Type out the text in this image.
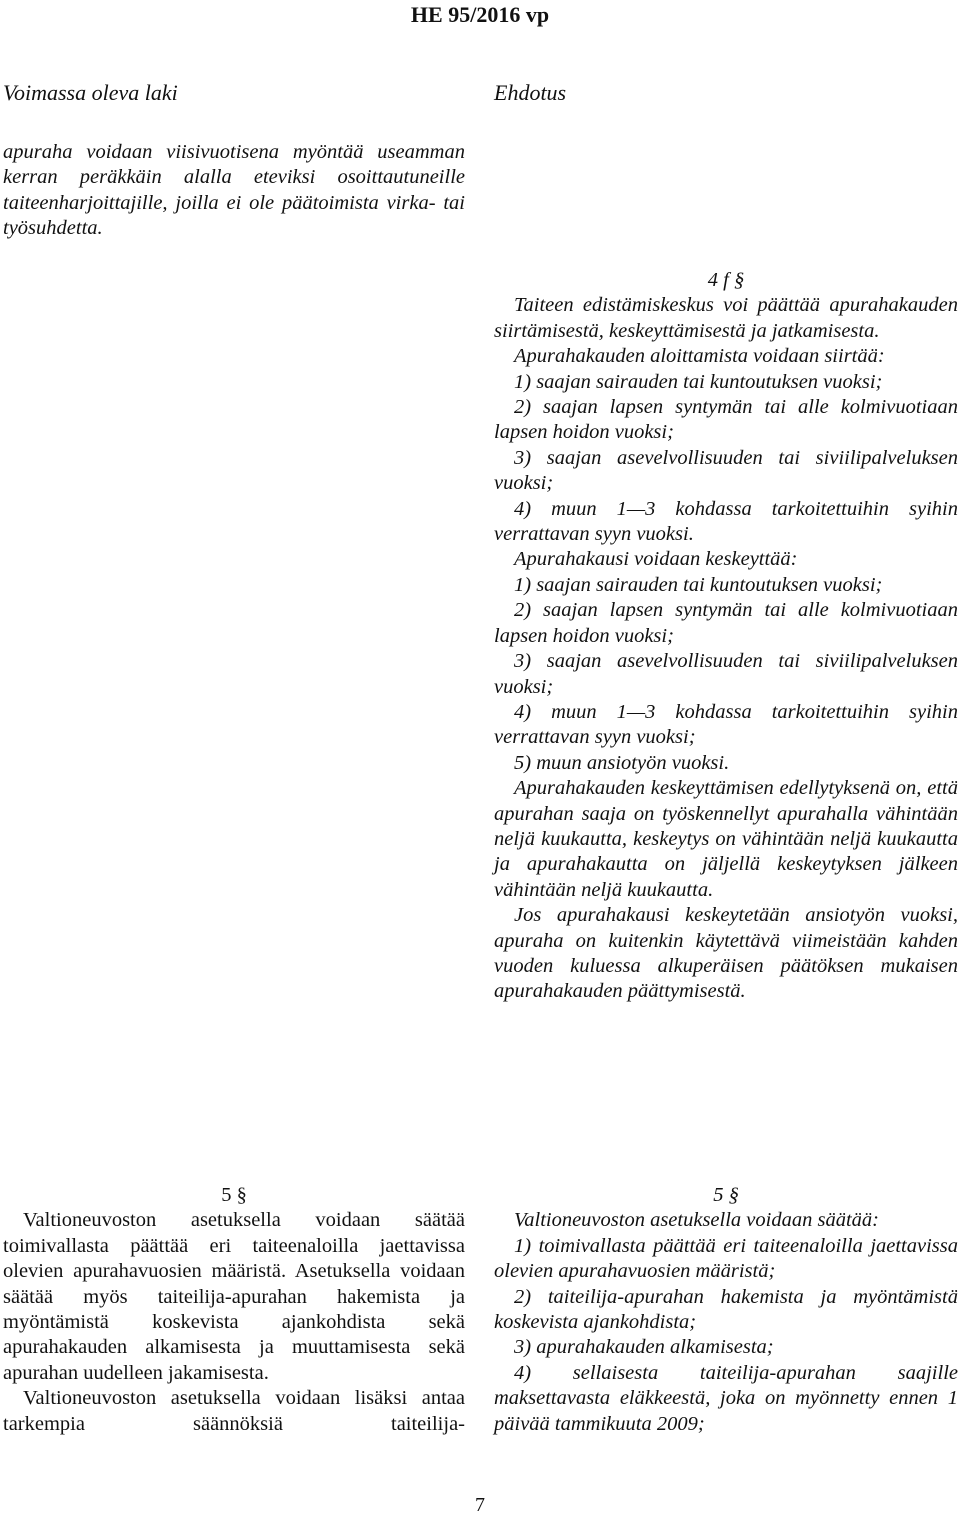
HE 95/2016 vp
Voimassa oleva laki	Ehdotus

apuraha voidaan viisivuotisena myöntää useamman kerran peräkkäin alalla eteviksi osoittautuneille taiteenharjoittajille, joilla ei ole päätoimista virka- tai työsuhdetta.

4 f §

Taiteen edistämiskeskus voi päättää apurahakauden siirtämisestä, keskeyttämisestä ja jatkamisesta.

Apurahakauden aloittamista voidaan siirtää:

1) saajan sairauden tai kuntoutuksen vuoksi;

2) saajan lapsen syntymän tai alle kolmivuotiaan lapsen hoidon vuoksi;

3) saajan asevelvollisuuden tai siviilipalveluksen vuoksi;

4) muun 1—3 kohdassa tarkoitettuihin syihin verrattavan syyn vuoksi.

Apurahakausi voidaan keskeyttää:

1) saajan sairauden tai kuntoutuksen vuoksi;

2) saajan lapsen syntymän tai alle kolmivuotiaan lapsen hoidon vuoksi;

3) saajan asevelvollisuuden tai siviilipalveluksen vuoksi;

4) muun 1—3 kohdassa tarkoitettuihin syihin verrattavan syyn vuoksi;

5) muun ansiotyön vuoksi.

Apurahakauden keskeyttämisen edellytyksenä on, että apurahan saaja on työskennellyt apurahalla vähintään neljä kuukautta, keskeytys on vähintään neljä kuukautta ja apurahakautta on jäljellä keskeytyksen jälkeen vähintään neljä kuukautta.

Jos apurahakausi keskeytetään ansiotyön vuoksi, apuraha on kuitenkin käytettävä viimeistään kahden vuoden kuluessa alkuperäisen päätöksen mukaisen apurahakauden päättymisestä.

5 §

Valtioneuvoston asetuksella voidaan säätää toimivallasta päättää eri taiteenaloilla jaettavissa olevien apurahavuosien määristä. Asetuksella voidaan säätää myös taiteilija-apurahan hakemista ja myöntämistä koskevista ajankohdista sekä apurahakauden alkamisesta ja muuttamisesta sekä apurahan uudelleen jakamisesta.

Valtioneuvoston asetuksella voidaan lisäksi antaa tarkempia säännöksiä taiteilija-

5 §

Valtioneuvoston asetuksella voidaan säätää:

1) toimivallasta päättää eri taiteenaloilla jaettavissa olevien apurahavuosien määristä;

2) taiteilija-apurahan hakemista ja myöntämistä koskevista ajankohdista;

3) apurahakauden alkamisesta;

4) sellaisesta taiteilija-apurahan saajille maksettavasta eläkkeestä, joka on myönnetty ennen 1 päivää tammikuuta 2009;

7
